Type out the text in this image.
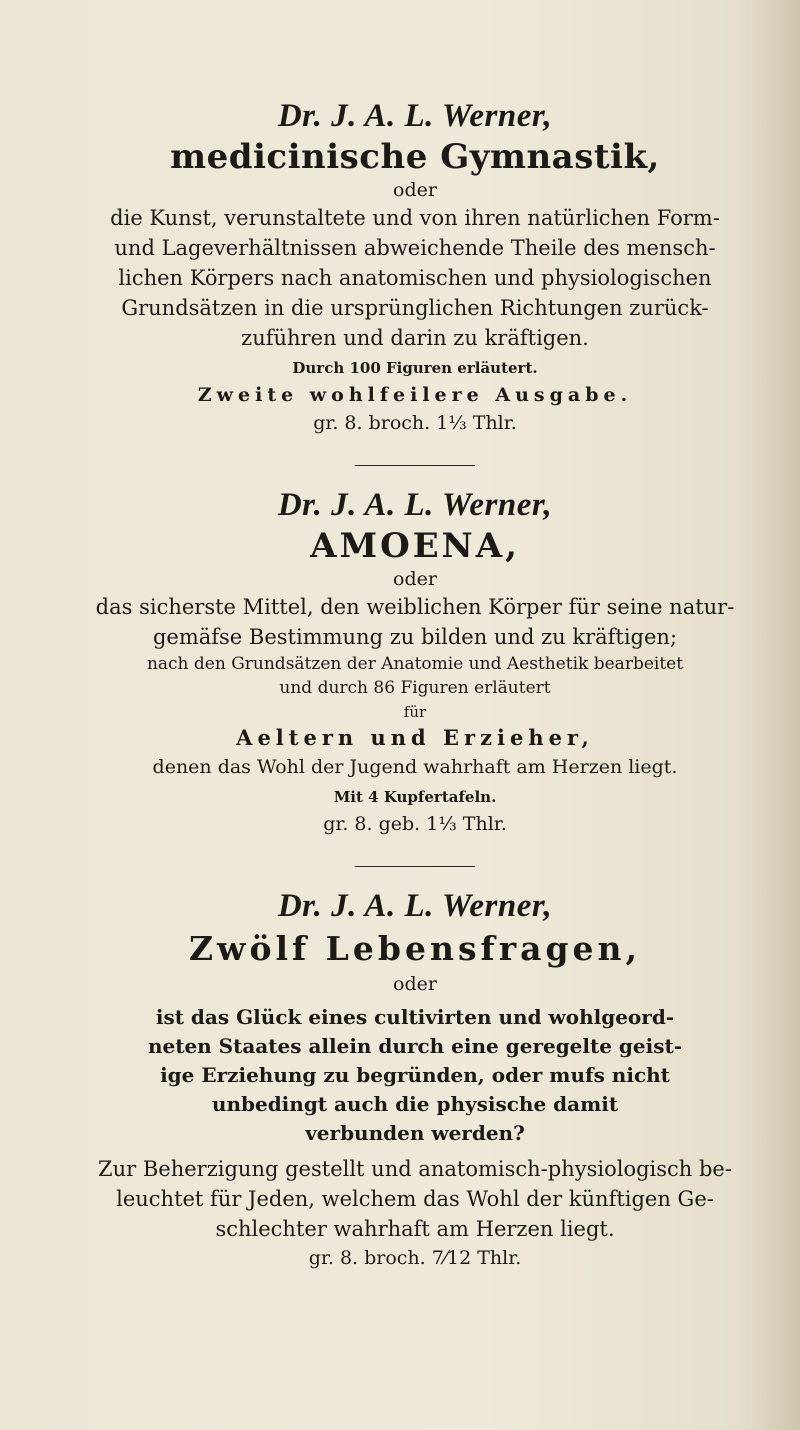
Dr. J. A. L. Werner,

medicinische Gymnastik,

oder

die Kunst, verunstaltete und von ihren natürlichen Form-

und Lageverhältnissen abweichende Theile des mensch-

lichen Körpers nach anatomischen und physiologischen

Grundsätzen in die ursprünglichen Richtungen zurück-

zuführen und darin zu kräftigen.

Durch 100 Figuren erläutert.

Zweite wohlfeilere Ausgabe.

gr. 8. broch. 1⅓ Thlr.

Dr. J. A. L. Werner,

AMOENA,

oder

das sicherste Mittel, den weiblichen Körper für seine natur-

gemäfse Bestimmung zu bilden und zu kräftigen;

nach den Grundsätzen der Anatomie und Aesthetik bearbeitet

und durch 86 Figuren erläutert

für

Aeltern und Erzieher,

denen das Wohl der Jugend wahrhaft am Herzen liegt.

Mit 4 Kupfertafeln.

gr. 8. geb. 1⅓ Thlr.

Dr. J. A. L. Werner,

Zwölf Lebensfragen,

oder

ist das Glück eines cultivirten und wohlgeord-

neten Staates allein durch eine geregelte geist-

ige Erziehung zu begründen, oder mufs nicht

unbedingt auch die physische damit

verbunden werden?

Zur Beherzigung gestellt und anatomisch-physiologisch be-

leuchtet für Jeden, welchem das Wohl der künftigen Ge-

schlechter wahrhaft am Herzen liegt.

gr. 8. broch. 7⁄12 Thlr.
